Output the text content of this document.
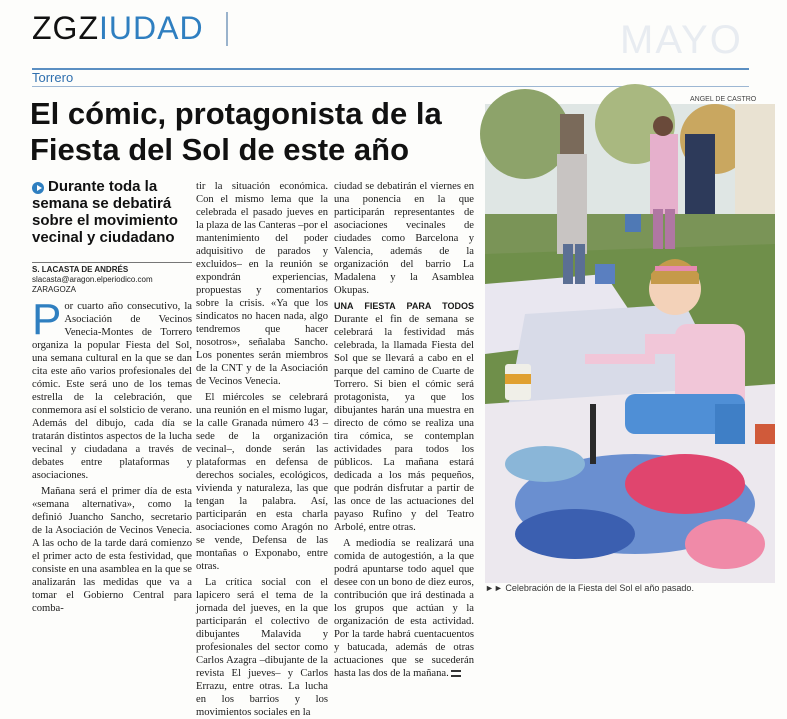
ZGZIUDAD	MAYO
Torrero
El cómic, protagonista de la Fiesta del Sol de este año
ANGEL DE CASTRO
►► Celebración de la Fiesta del Sol el año pasado.
Durante toda la semana se debatirá sobre el movimiento vecinal y ciudadano
S. LACASTA DE ANDRÉS
slacasta@aragon.elperiodico.com
ZARAGOZA

Por cuarto año consecutivo, la Asociación de Vecinos Venecia-Montes de Torrero organiza la popular Fiesta del Sol, una semana cultural en la que se dan cita este año varios profesionales del cómic. Este será uno de los temas estrella de la celebración, que conmemora así el solsticio de verano. Además del dibujo, cada día se tratarán distintos aspectos de la lucha vecinal y ciudadana a través de debates entre plataformas y asociaciones.

Mañana será el primer día de esta «semana alternativa», como la definió Juancho Sancho, secretario de la Asociación de Vecinos Venecia. A las ocho de la tarde dará comienzo el primer acto de esta festividad, que consiste en una asamblea en la que se analizarán las medidas que va a tomar el Gobierno Central para comba-

tir la situación económica. Con el mismo lema que la celebrada el pasado jueves en la plaza de las Canteras –por el mantenimiento del poder adquisitivo de parados y excluidos– en la reunión se expondrán experiencias, propuestas y comentarios sobre la crisis. «Ya que los sindicatos no hacen nada, algo tendremos que hacer nosotros», señalaba Sancho. Los ponentes serán miembros de la CNT y de la Asociación de Vecinos Venecia.

El miércoles se celebrará una reunión en el mismo lugar, la calle Granada número 43 –sede de la organización vecinal–, donde serán las plataformas en defensa de derechos sociales, ecológicos, vivienda y naturaleza, las que tengan la palabra. Así, participarán en esta charla asociaciones como Aragón no se vende, Defensa de las montañas o Exponabo, entre otras.

La crítica social con el lapicero será el tema de la jornada del jueves, en la que participarán el colectivo de dibujantes Malavida y profesionales del sector como Carlos Azagra –dibujante de la revista El jueves– y Carlos Errazu, entre otras. La lucha en los barrios y los movimientos sociales en la

ciudad se debatirán el viernes en una ponencia en la que participarán representantes de asociaciones vecinales de ciudades como Barcelona y Valencia, además de la organización del barrio La Madalena y la Asamblea Okupas.

UNA FIESTA PARA TODOS Durante el fin de semana se celebrará la festividad más celebrada, la llamada Fiesta del Sol que se llevará a cabo en el parque del camino de Cuarte de Torrero. Si bien el cómic será protagonista, ya que los dibujantes harán una muestra en directo de cómo se realiza una tira cómica, se contemplan actividades para todos los públicos. La mañana estará dedicada a los más pequeños, que podrán disfrutar a partir de las once de las actuaciones del payaso Rufino y del Teatro Arbolé, entre otras.

A mediodía se realizará una comida de autogestión, a la que podrá apuntarse todo aquel que desee con un bono de diez euros, contribución que irá destinada a los grupos que actúan y la organización de esta actividad. Por la tarde habrá cuentacuentos y batucada, además de otras actuaciones que se sucederán hasta las dos de la mañana.
